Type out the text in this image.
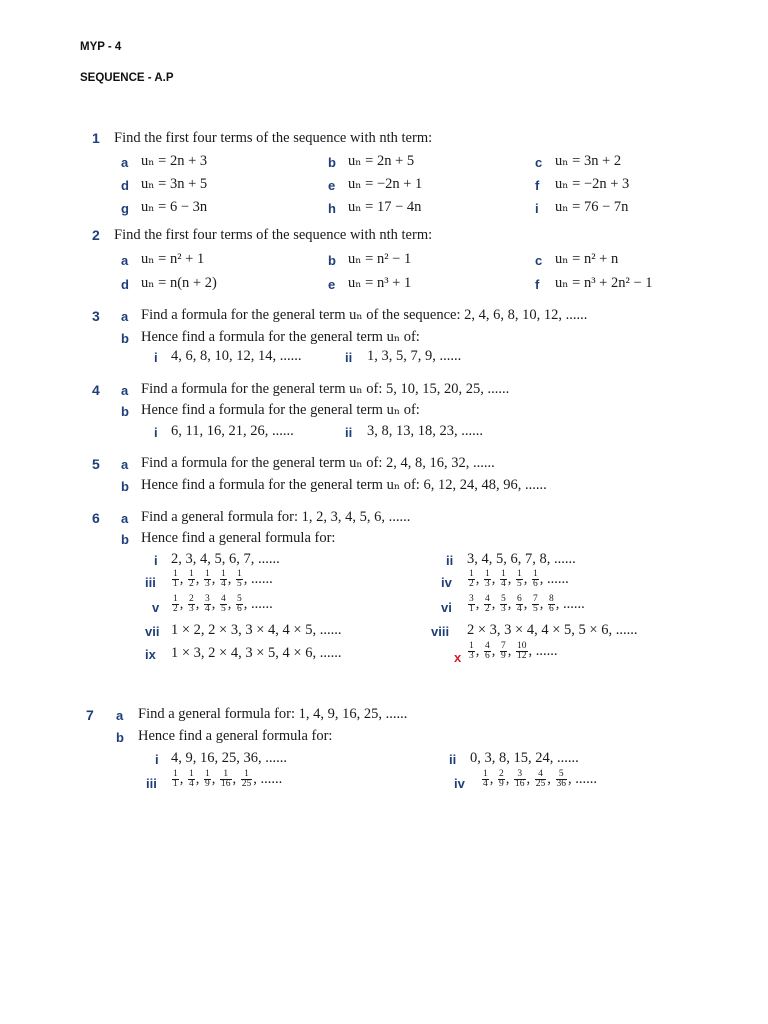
MYP - 4
SEQUENCE - A.P
1 Find the first four terms of the sequence with nth term:
a uₙ = 2n + 3	b uₙ = 2n + 5	c uₙ = 3n + 2
d uₙ = 3n + 5	e uₙ = −2n + 1	f uₙ = −2n + 3
g uₙ = 6 − 3n	h uₙ = 17 − 4n	i uₙ = 76 − 7n
2 Find the first four terms of the sequence with nth term:
a uₙ = n² + 1	b uₙ = n² − 1	c uₙ = n² + n
d uₙ = n(n + 2)	e uₙ = n³ + 1	f uₙ = n³ + 2n² − 1
3 a Find a formula for the general term uₙ of the sequence: 2, 4, 6, 8, 10, 12, ......
b Hence find a formula for the general term uₙ of:
i 4, 6, 8, 10, 12, 14, ......	ii 1, 3, 5, 7, 9, ......
4 a Find a formula for the general term uₙ of: 5, 10, 15, 20, 25, ......
b Hence find a formula for the general term uₙ of:
i 6, 11, 16, 21, 26, ......	ii 3, 8, 13, 18, 23, ......
5 a Find a formula for the general term uₙ of: 2, 4, 8, 16, 32, ......
b Hence find a formula for the general term uₙ of: 6, 12, 24, 48, 96, ......
6 a Find a general formula for: 1, 2, 3, 4, 5, 6, ......
b Hence find a general formula for:
i 2, 3, 4, 5, 6, 7, ......	ii 3, 4, 5, 6, 7, 8, ......
iii $\frac{1}{1}$ , $\frac{1}{2}$ , $\frac{1}{3}$ , $\frac{1}{4}$ , $\frac{1}{5}$ , ......	iv $\frac{1}{2}$ , $\frac{1}{3}$ , $\frac{1}{4}$ , $\frac{1}{5}$ , $\frac{1}{6}$ , ......
v $\frac{1}{2}$ , $\frac{2}{3}$ , $\frac{3}{4}$ , $\frac{4}{5}$ , $\frac{5}{6}$ , ......	vi $\frac{3}{1}$ , $\frac{4}{2}$ , $\frac{5}{3}$ , $\frac{6}{4}$ , $\frac{7}{5}$ , $\frac{8}{6}$ , ......
vii 1 × 2, 2 × 3, 3 × 4, 4 × 5, ......	viii 2 × 3, 3 × 4, 4 × 5, 5 × 6, ......
ix 1 × 3, 2 × 4, 3 × 5, 4 × 6, ......	x $\frac{1}{3}$ , $\frac{4}{6}$ , $\frac{7}{9}$ , $\frac{10}{12}$ , ......
7 a Find a general formula for: 1, 4, 9, 16, 25, ......
b Hence find a general formula for:
i 4, 9, 16, 25, 36, ......	ii 0, 3, 8, 15, 24, ......
iii $\frac{1}{1}$ , $\frac{1}{4}$ , $\frac{1}{9}$ , $\frac{1}{16}$ , $\frac{1}{25}$ , ......	iv $\frac{1}{4}$ , $\frac{2}{9}$ , $\frac{3}{16}$ , $\frac{4}{25}$ , $\frac{5}{36}$ , ......
